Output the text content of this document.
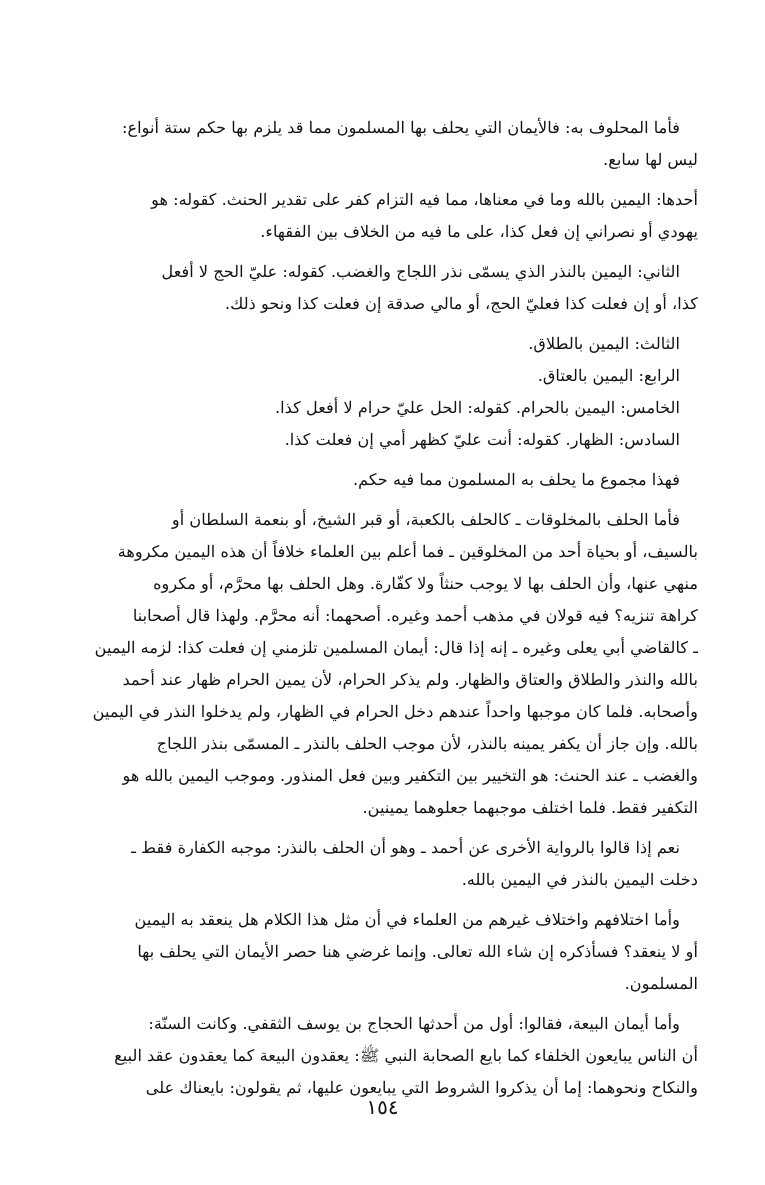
فأما المحلوف به: فالأيمان التي يحلف بها المسلمون مما قد يلزم بها حكم ستة أنواع:
ليس لها سابع.
أحدها: اليمين بالله وما في معناها، مما فيه التزام كفر على تقدير الحنث. كقوله: هو
يهودي أو نصراني إن فعل كذا، على ما فيه من الخلاف بين الفقهاء.
الثاني: اليمين بالنذر الذي يسمّى نذر اللجاج والغضب. كقوله: عليّ الحج لا أفعل
كذا، أو إن فعلت كذا فعليّ الحج، أو مالي صدقة إن فعلت كذا ونحو ذلك.
الثالث: اليمين بالطلاق.
الرابع: اليمين بالعتاق.
الخامس: اليمين بالحرام. كقوله: الحل عليّ حرام لا أفعل كذا.
السادس: الظهار. كقوله: أنت عليّ كظهر أمي إن فعلت كذا.
فهذا مجموع ما يحلف به المسلمون مما فيه حكم.
فأما الحلف بالمخلوقات ـ كالحلف بالكعبة، أو قبر الشيخ، أو بنعمة السلطان أو
بالسيف، أو بحياة أحد من المخلوقين ـ فما أعلم بين العلماء خلافاً أن هذه اليمين مكروهة
منهي عنها، وأن الحلف بها لا يوجب حنثاً ولا كفّارة. وهل الحلف بها محرَّم، أو مكروه
كراهة تنزيه؟ فيه قولان في مذهب أحمد وغيره. أصحهما: أنه محرَّم. ولهذا قال أصحابنا
ـ كالقاضي أبي يعلى وغيره ـ إنه إذا قال: أيمان المسلمين تلزمني إن فعلت كذا: لزمه اليمين
بالله والنذر والطلاق والعتاق والظهار. ولم يذكر الحرام، لأن يمين الحرام ظهار عند أحمد
وأصحابه. فلما كان موجبها واحداً عندهم دخل الحرام في الظهار، ولم يدخلوا النذر في اليمين
بالله. وإن جاز أن يكفر يمينه بالنذر، لأن موجب الحلف بالنذر ـ المسمّى بنذر اللجاج
والغضب ـ عند الحنث: هو التخيير بين التكفير وبين فعل المنذور. وموجب اليمين بالله هو
التكفير فقط. فلما اختلف موجبهما جعلوهما يمينين.
نعم إذا قالوا بالرواية الأخرى عن أحمد ـ وهو أن الحلف بالنذر: موجبه الكفارة فقط ـ
دخلت اليمين بالنذر في اليمين بالله.
وأما اختلافهم واختلاف غيرهم من العلماء في أن مثل هذا الكلام هل ينعقد به اليمين
أو لا ينعقد؟ فسأذكره إن شاء الله تعالى. وإنما غرضي هنا حصر الأيمان التي يحلف بها
المسلمون.
وأما أيمان البيعة، فقالوا: أول من أحدثها الحجاج بن يوسف الثقفي. وكانت السنّة:
أن الناس يبايعون الخلفاء كما بايع الصحابة النبي ﷺ: يعقدون البيعة كما يعقدون عقد البيع
والنكاح ونحوهما: إما أن يذكروا الشروط التي يبايعون عليها، ثم يقولون: بايعناك على
١٥٤
